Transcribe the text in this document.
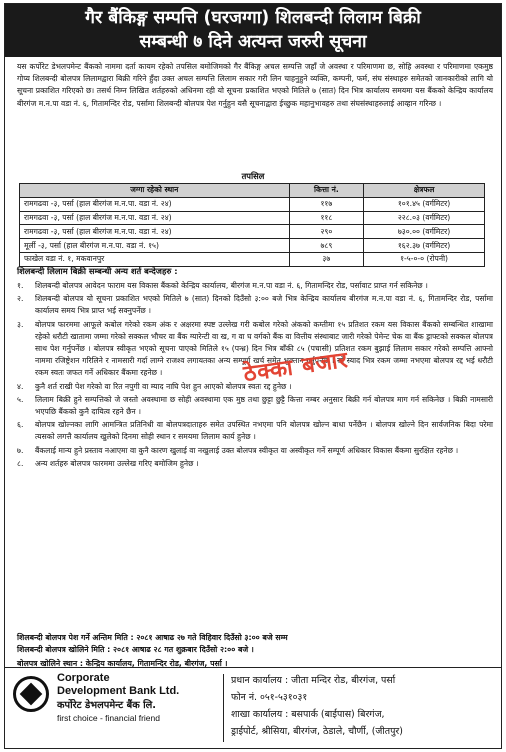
गैर बैंकिङ्ग सम्पत्ति (घरजग्गा) शिलबन्दी लिलाम बिक्री
सम्बन्धी ७ दिने अत्यन्त जरुरी सूचना
यस कर्पोरेट डेभलपमेन्ट बैंकको नाममा दर्ता कायम रहेको तपसिल बमोजिमको गैर बैंकिङ्ग अचल सम्पत्ति जहाँ जे अवस्था र परिमाणमा छ, सोहि अवस्था र परिमाणमा एकमुष्ठ गोप्य शिलबन्दी बोलपत्र लिलामद्वारा बिक्री गरिने हुँदा उक्त अचल सम्पत्ति लिलाम सकार गरी लिन चाहनुहुने व्यक्ति, कम्पनी, फर्म, संघ संस्थाहरु समेतको जानकारीको लागि यो सूचना प्रकाशित गरिएको छ। तसर्थ निम्न लिखित शर्तहरुको अधिनमा रही यो सूचना प्रकाशित भएको मितिले ७ (सात) दिन भित्र कार्यालय समयमा यस बैंकको केन्द्रिय कार्यालय बीरगंज म.न.पा वडा नं. ६, गितामन्दिर रोड, पर्सामा शिलबन्दी बोलपत्र पेश गर्नुहुन यसै सूचनाद्वारा ईच्छुक महानुभावहरु तथा संघसंस्थाहरुलाई आव्हान गरिन्छ ।
तपसिल
जग्गा रहेको स्थान	कित्ता नं.	क्षेत्रफल
रामगढवा -३, पर्सा (हाल बीरगंज म.न.पा. वडा नं. २४)	११७	१०१.४५ (वर्गमिटर)
रामगढवा -३, पर्सा (हाल बीरगंज म.न.पा. वडा नं. २४)	११८	२२८.०३ (वर्गमिटर)
रामगढवा -३, पर्सा (हाल बीरगंज म.न.पा. वडा नं. २४)	२९०	७३०.०० (वर्गमिटर)
मूर्ली -३, पर्सा (हाल बीरगंज म.न.पा. वडा नं. १५)	७८९	१६२.३७ (वर्गमिटर)
फाखेल वडा नं. १, मकवानपुर	३७	१-५-०-० (रोपनी)
शिलबन्दी लिलाम बिक्री सम्बन्धी अन्य शर्त बन्देजहरु :
१.	शिलबन्दी बोलपत्र आवेदन फाराम यस विकास बैंकको केन्द्रिय कार्यालय, बीरगंज म.न.पा वडा नं. ६, गितामन्दिर रोड, पर्सावाट प्राप्त गर्न सकिनेछ ।
२.	शिलबन्दी बोलपत्र यो सूचना प्रकाशित भएको मितिले ७ (सात) दिनको दिउँसो ३:०० बजे भित्र केन्द्रिय कार्यालय बीरगंज म.न.पा वडा नं. ६, गितामन्दिर रोड, पर्सामा कार्यालय समय भित्र प्राप्त भई सक्नुपर्नेछ ।
३.	बोलपत्र फारममा आफूले कबोल गरेको रकम अंक र अक्षरमा स्पष्ट उल्लेख गरी कबोल गरेको अंकको कम्तीमा १५ प्रतिशत रकम यस विकास बैंकको सम्बन्धित शाखामा रहेको धरौटी खातामा जम्मा गरेको सक्कल भौचर वा बैंक ग्यारेन्टी वा ख, ग वा घ वर्गको बैंक वा वित्तीय संस्थाबाट जारी गरेको पेमेन्ट चेक वा बैंक ड्राफ्टको सक्कल बोलपत्र साथ पेश गर्नुपर्नेछ । बोलपत्र स्वीकृत भएको सूचना पाएको मितिले १५ (पन्ध्र) दिन भित्र बाँकी ८५ (पचासी) प्रतिशत रकम बुझाई लिलाम सकार गरेको सम्पत्ति आफ्नो नाममा रजिष्ट्रेशन गरिलिने र नामसारी गर्दा लाग्ने राजश्व लगायतका अन्य सम्पूर्ण खर्च समेत भुक्तान गर्नुपर्नेछ । सो स्याद भित्र रकम जम्मा नभएमा बोलपत्र रद्द भई धरौटी रकम स्वतः जफत गर्ने अधिकार बैंकमा रहनेछ ।
४.	कुनै शर्त राखी पेश गरेको वा रित नपुगी वा म्याद नाघि पेश हुन आएको बोलपत्र स्वतः रद्द हुनेछ ।
५.	लिलाम बिक्री हुने सम्पत्तिको जे जस्तो अवस्थामा छ सोही अवस्थामा एक मुष्ठ तथा छुट्टा छुट्टै कित्ता नम्बर अनुसार बिक्री गर्न बोलपत्र माग गर्न सकिनेछ । बिक्री नामसारी भएपछि बैंकको कुनै दायित्व रहने छैन ।
६.	बोलपत्र खोल्नका लागि आमन्त्रित प्रतिनिधी वा बोलपत्रदाताहरु समेत उपस्थित नभएमा पनि बोलपत्र खोल्न बाधा पर्नेछैन । बोलपत्र खोल्ने दिन सार्वजनिक बिदा परेमा त्यसको लगत्तै कार्यालय खुलेको दिनमा सोही स्थान र समयमा लिलाम कार्य हुनेछ ।
७.	बैंकलाई मान्य हुने प्रस्ताव नआएमा वा कुनै कारण खुलाई वा नखुलाई उक्त बोलपत्र स्वीकृत वा अस्वीकृत गर्ने सम्पूर्ण अधिकार विकास बैंकमा सुरक्षित रहनेछ ।
८.	अन्य शर्तहरु बोलपत्र फारममा उल्लेख गरिए बमोजिम हुनेछ ।
ठेक्का बजार
शिलबन्दी बोलपत्र पेश गर्ने अन्तिम मिति : २०८१ आषाढ २७ गते विहिवार दिउँसो ३:०० बजे सम्म
शिलबन्दी बोलपत्र खोलिने मिति : २०८१ आषाढ २८ गत शुक्रबार दिउँसो २:०० बजे ।
बोलपत्र खोलिने स्थान : केन्द्रिय कार्यालय, गितामन्दिर रोड, बीरगंज, पर्सा ।
Corporate
Development Bank Ltd.
कर्पोरेट डेभलपमेन्ट बैंक लि.
first choice - financial friend
प्रधान कार्यालय : जीता मन्दिर रोड, बीरगंज, पर्सा
फोन नं. ०५१-५३१०३१
शाखा कार्यालय : बसपार्क (बाईपास) बिरगंज,
ड्राईपोर्ट, श्रीसिया, बीरगंज, ठेडाले, चौर्णी, (जीतपुर)
